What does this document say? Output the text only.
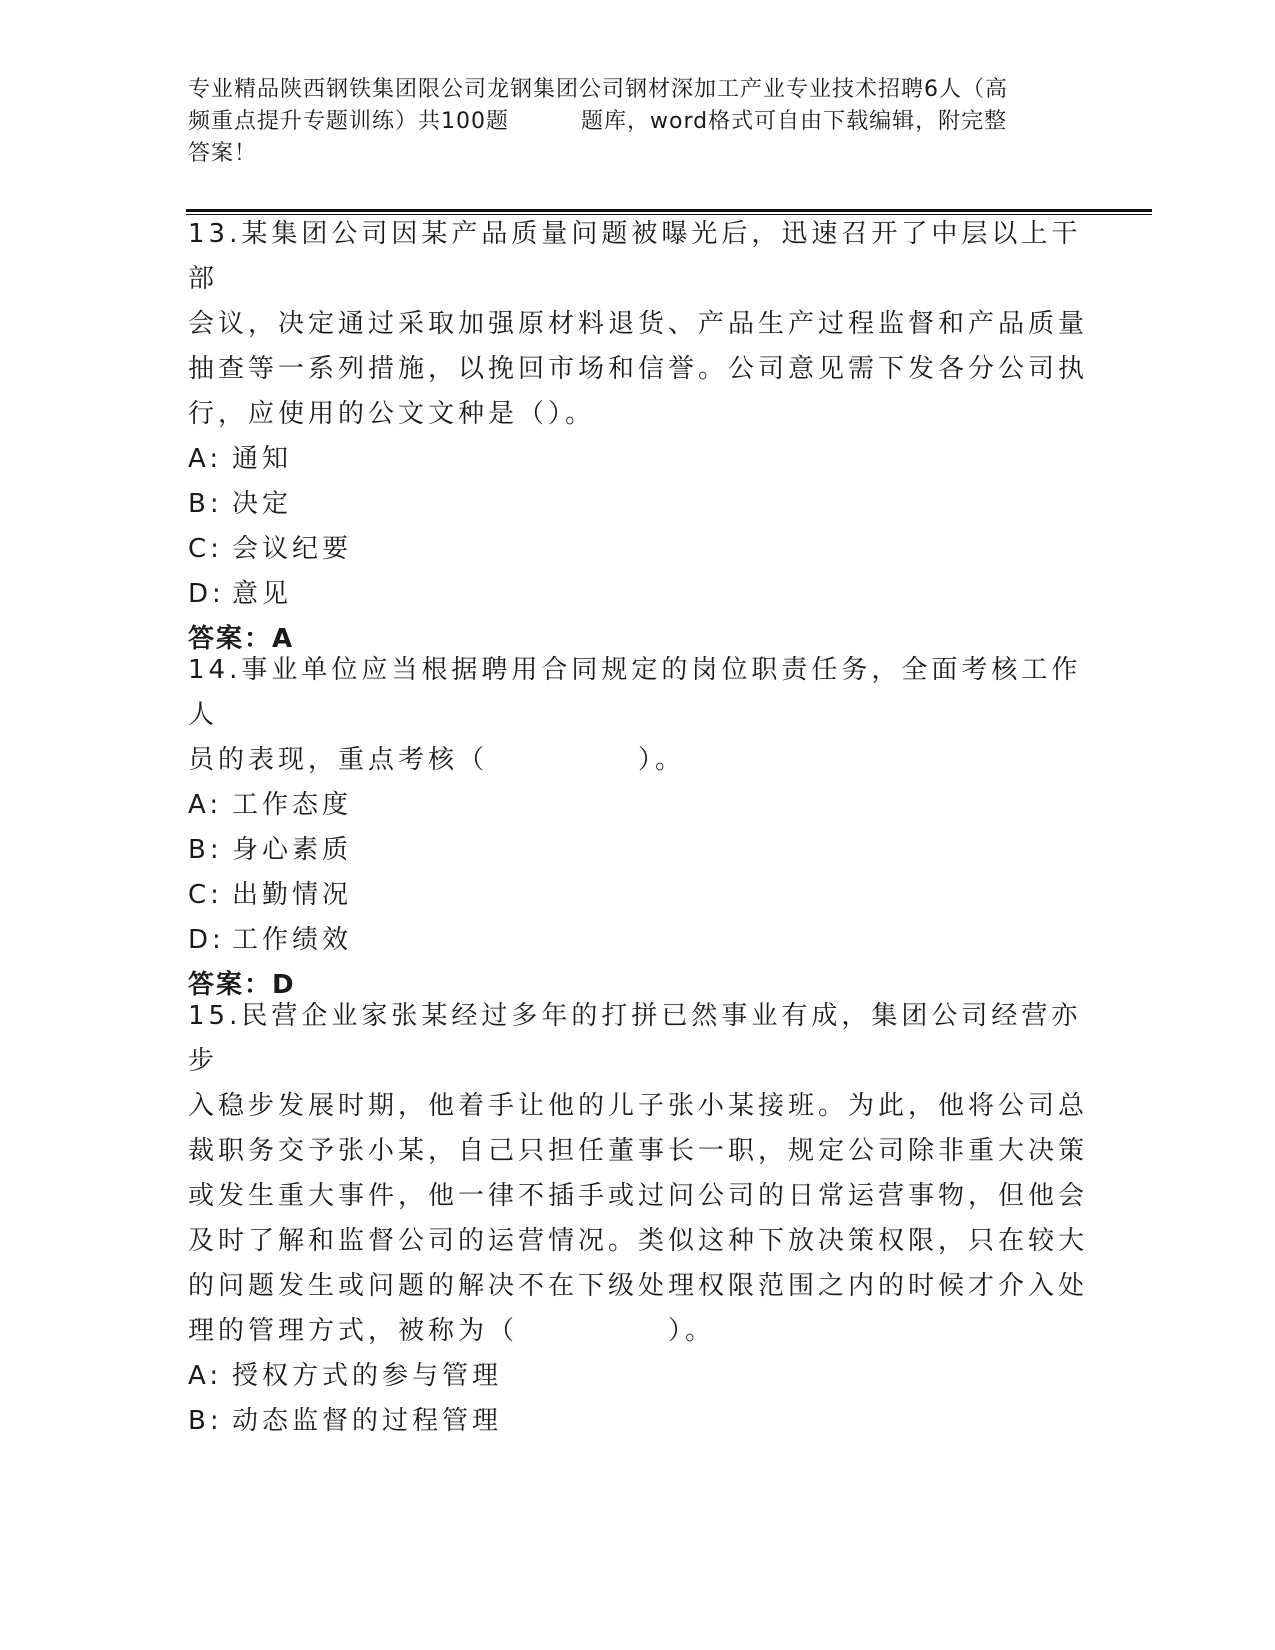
专业精品陕西钢铁集团限公司龙钢集团公司钢材深加工产业专业技术招聘6人（高
频重点提升专题训练）共100题	题库，word格式可自由下载编辑，附完整
答案！

13.某集团公司因某产品质量问题被曝光后，迅速召开了中层以上干部

会议，决定通过采取加强原材料退货、产品生产过程监督和产品质量

抽查等一系列措施，以挽回市场和信誉。公司意见需下发各分公司执

行，应使用的公文文种是（）。

A: 通知

B: 决定

C: 会议纪要

D: 意见

答案：A

14.事业单位应当根据聘用合同规定的岗位职责任务，全面考核工作人

员的表现，重点考核（　　　　　）。

A: 工作态度

B: 身心素质

C: 出勤情况

D: 工作绩效

答案：D

15.民营企业家张某经过多年的打拼已然事业有成，集团公司经营亦步

入稳步发展时期，他着手让他的儿子张小某接班。为此，他将公司总

裁职务交予张小某，自己只担任董事长一职，规定公司除非重大决策

或发生重大事件，他一律不插手或过问公司的日常运营事物，但他会

及时了解和监督公司的运营情况。类似这种下放决策权限，只在较大

的问题发生或问题的解决不在下级处理权限范围之内的时候才介入处

理的管理方式，被称为（　　　　　）。

A: 授权方式的参与管理

B: 动态监督的过程管理
